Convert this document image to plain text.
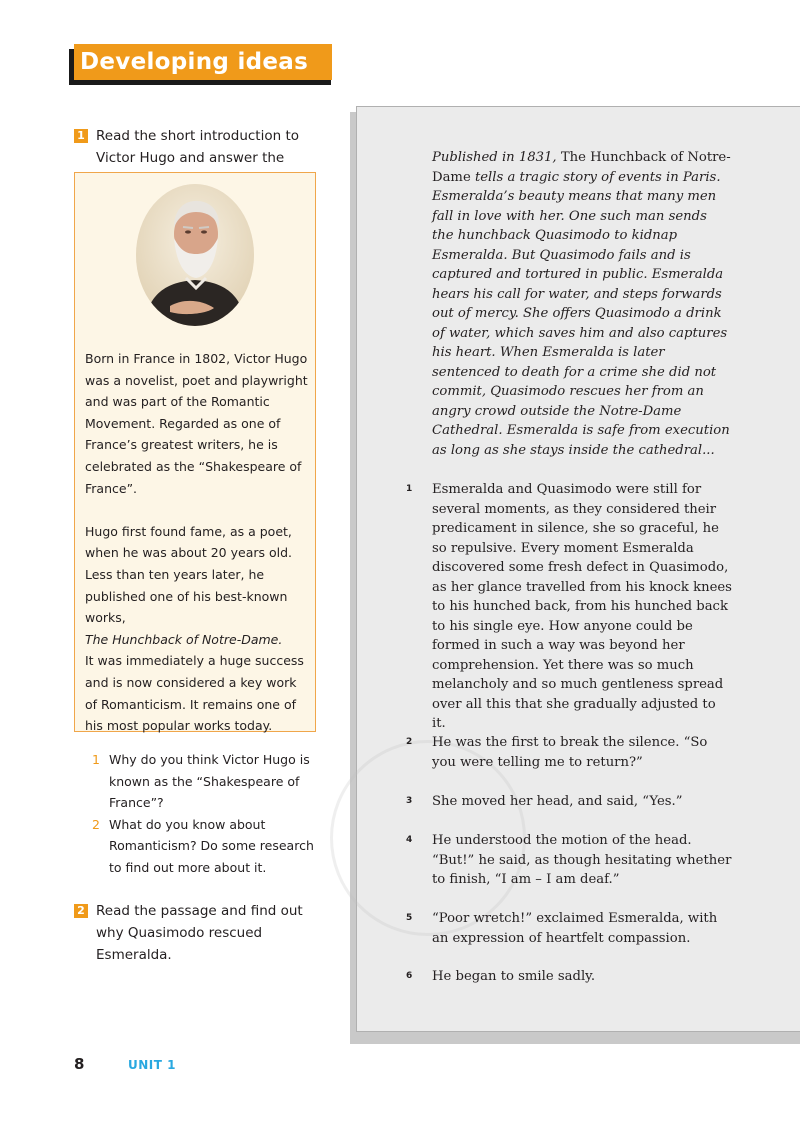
Developing ideas
1 Read the short introduction to Victor Hugo and answer the
Born in France in 1802, Victor Hugo was a novelist, poet and playwright and was part of the Romantic Movement. Regarded as one of France’s greatest writers, he is celebrated as the “Shakespeare of France”.

Hugo first found fame, as a poet, when he was about 20 years old. Less than ten years later, he published one of his best-known works,
The Hunchback of Notre-Dame.
It was immediately a huge success and is now considered a key work of Romanticism. It remains one of his most popular works today.
1 Why do you think Victor Hugo is known as the “Shakespeare of France”?
2 What do you know about Romanticism? Do some research to find out more about it.
2 Read the passage and find out why Quasimodo rescued Esmeralda.
Published in 1831, The Hunchback of Notre-Dame tells a tragic story of events in Paris. Esmeralda’s beauty means that many men fall in love with her. One such man sends the hunchback Quasimodo to kidnap Esmeralda. But Quasimodo fails and is captured and tortured in public. Esmeralda hears his call for water, and steps forwards out of mercy. She offers Quasimodo a drink of water, which saves him and also captures his heart. When Esmeralda is later sentenced to death for a crime she did not commit, Quasimodo rescues her from an angry crowd outside the Notre-Dame Cathedral. Esmeralda is safe from execution as long as she stays inside the cathedral...
1	Esmeralda and Quasimodo were still for several moments, as they considered their predicament in silence, she so graceful, he so repulsive. Every moment Esmeralda discovered some fresh defect in Quasimodo, as her glance travelled from his knock knees to his hunched back, from his hunched back to his single eye. How anyone could be formed in such a way was beyond her comprehension. Yet there was so much melancholy and so much gentleness spread over all this that she gradually adjusted to it.
2	He was the first to break the silence. “So you were telling me to return?”
3	She moved her head, and said, “Yes.”
4	He understood the motion of the head. “But!” he said, as though hesitating whether to finish, “I am – I am deaf.”
5	“Poor wretch!” exclaimed Esmeralda, with an expression of heartfelt compassion.
6	He began to smile sadly.
8	UNIT 1
